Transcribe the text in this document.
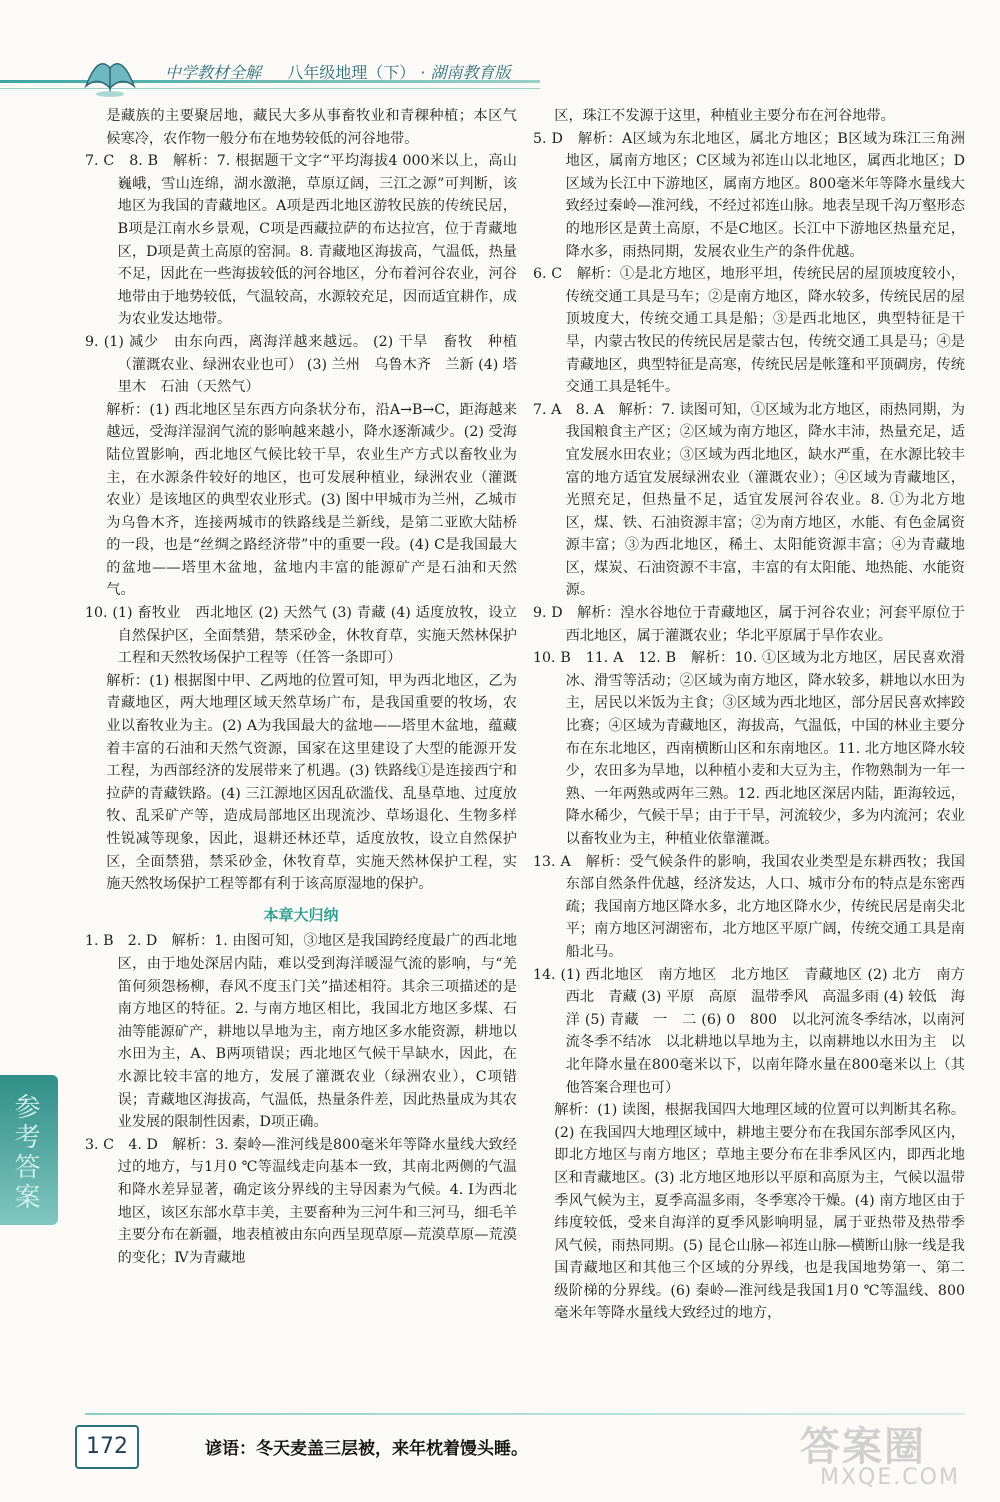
中学教材全解 　 八年级地理（下） · 湖南教育版

是藏族的主要聚居地，藏民大多从事畜牧业和青稞种植；本区气候寒冷，农作物一般分布在地势较低的河谷地带。

7. C　8. B　解析：7. 根据题干文字“平均海拔4 000米以上，高山巍峨，雪山连绵，湖水激滟，草原辽阔，三江之源”可判断，该地区为我国的青藏地区。A项是西北地区游牧民族的传统民居，B项是江南水乡景观，C项是西藏拉萨的布达拉宫，位于青藏地区，D项是黄土高原的窑洞。8. 青藏地区海拔高，气温低，热量不足，因此在一些海拔较低的河谷地区，分布着河谷农业，河谷地带由于地势较低，气温较高，水源较充足，因而适宜耕作，成为农业发达地带。

9. (1) 减少　由东向西，离海洋越来越远。 (2) 干旱　畜牧　种植（灌溉农业、绿洲农业也可） (3) 兰州　乌鲁木齐　兰新 (4) 塔里木　石油（天然气）

解析：(1) 西北地区呈东西方向条状分布，沿A→B→C，距海越来越远，受海洋湿润气流的影响越来越小，降水逐渐减少。(2) 受海陆位置影响，西北地区气候比较干旱，农业生产方式以畜牧业为主，在水源条件较好的地区，也可发展种植业，绿洲农业（灌溉农业）是该地区的典型农业形式。(3) 图中甲城市为兰州，乙城市为乌鲁木齐，连接两城市的铁路线是兰新线，是第二亚欧大陆桥的一段，也是“丝绸之路经济带”中的重要一段。(4) C是我国最大的盆地——塔里木盆地，盆地内丰富的能源矿产是石油和天然气。

10. (1) 畜牧业　西北地区 (2) 天然气 (3) 青藏 (4) 适度放牧，设立自然保护区，全面禁猎，禁采砂金，休牧育草，实施天然林保护工程和天然牧场保护工程等（任答一条即可）

解析：(1) 根据图中甲、乙两地的位置可知，甲为西北地区，乙为青藏地区，两大地理区域天然草场广布，是我国重要的牧场，农业以畜牧业为主。(2) A为我国最大的盆地——塔里木盆地，蕴藏着丰富的石油和天然气资源，国家在这里建设了大型的能源开发工程，为西部经济的发展带来了机遇。(3) 铁路线①是连接西宁和拉萨的青藏铁路。(4) 三江源地区因乱砍滥伐、乱垦草地、过度放牧、乱采矿产等，造成局部地区出现流沙、草场退化、生物多样性锐减等现象，因此，退耕还林还草，适度放牧，设立自然保护区，全面禁猎，禁采砂金，休牧育草，实施天然林保护工程，实施天然牧场保护工程等都有利于该高原湿地的保护。

本章大归纳

1. B　2. D　解析：1. 由图可知，③地区是我国跨经度最广的西北地区，由于地处深居内陆，难以受到海洋暖湿气流的影响，与“羌笛何须怨杨柳，春风不度玉门关”描述相符。其余三项描述的是南方地区的特征。2. 与南方地区相比，我国北方地区多煤、石油等能源矿产，耕地以旱地为主，南方地区多水能资源，耕地以水田为主，A、B两项错误；西北地区气候干旱缺水，因此，在水源比较丰富的地方，发展了灌溉农业（绿洲农业），C项错误；青藏地区海拔高，气温低，热量条件差，因此热量成为其农业发展的限制性因素，D项正确。

3. C　4. D　解析：3. 秦岭—淮河线是800毫米年等降水量线大致经过的地方，与1月0 ℃等温线走向基本一致，其南北两侧的气温和降水差异显著，确定该分界线的主导因素为气候。4. Ⅰ为西北地区，该区东部水草丰美，主要畜种为三河牛和三河马，细毛羊主要分布在新疆，地表植被由东向西呈现草原—荒漠草原—荒漠的变化；Ⅳ为青藏地

区，珠江不发源于这里，种植业主要分布在河谷地带。

5. D　解析：A区域为东北地区，属北方地区；B区域为珠江三角洲地区，属南方地区；C区域为祁连山以北地区，属西北地区；D区域为长江中下游地区，属南方地区。800毫米年等降水量线大致经过秦岭—淮河线，不经过祁连山脉。地表呈现千沟万壑形态的地形区是黄土高原，不是C地区。长江中下游地区热量充足，降水多，雨热同期，发展农业生产的条件优越。

6. C　解析：①是北方地区，地形平坦，传统民居的屋顶坡度较小，传统交通工具是马车；②是南方地区，降水较多，传统民居的屋顶坡度大，传统交通工具是船；③是西北地区，典型特征是干旱，内蒙古牧民的传统民居是蒙古包，传统交通工具是马；④是青藏地区，典型特征是高寒，传统民居是帐篷和平顶碉房，传统交通工具是牦牛。

7. A　8. A　解析：7. 读图可知，①区域为北方地区，雨热同期，为我国粮食主产区；②区域为南方地区，降水丰沛，热量充足，适宜发展水田农业；③区域为西北地区，缺水严重，在水源比较丰富的地方适宜发展绿洲农业（灌溉农业）；④区域为青藏地区，光照充足，但热量不足，适宜发展河谷农业。8. ①为北方地区，煤、铁、石油资源丰富；②为南方地区，水能、有色金属资源丰富；③为西北地区，稀土、太阳能资源丰富；④为青藏地区，煤炭、石油资源不丰富，丰富的有太阳能、地热能、水能资源。

9. D　解析：湟水谷地位于青藏地区，属于河谷农业；河套平原位于西北地区，属于灌溉农业；华北平原属于旱作农业。

10. B　11. A　12. B　解析：10. ①区域为北方地区，居民喜欢滑冰、滑雪等活动；②区域为南方地区，降水较多，耕地以水田为主，居民以米饭为主食；③区域为西北地区，部分居民喜欢摔跤比赛；④区域为青藏地区，海拔高，气温低，中国的林业主要分布在东北地区，西南横断山区和东南地区。11. 北方地区降水较少，农田多为旱地，以种植小麦和大豆为主，作物熟制为一年一熟、一年两熟或两年三熟。12. 西北地区深居内陆，距海较远，降水稀少，气候干旱；由于干旱，河流较少，多为内流河；农业以畜牧业为主，种植业依靠灌溉。

13. A　解析：受气候条件的影响，我国农业类型是东耕西牧；我国东部自然条件优越，经济发达，人口、城市分布的特点是东密西疏；我国南方地区降水多，北方地区降水少，传统民居是南尖北平；南方地区河湖密布，北方地区平原广阔，传统交通工具是南船北马。

14. (1) 西北地区　南方地区　北方地区　青藏地区 (2) 北方　南方　西北　青藏 (3) 平原　高原　温带季风　高温多雨 (4) 较低　海洋 (5) 青藏　一　二 (6) 0　800　以北河流冬季结冰，以南河流冬季不结冰　以北耕地以旱地为主，以南耕地以水田为主　以北年降水量在800毫米以下，以南年降水量在800毫米以上（其他答案合理也可）

解析：(1) 读图，根据我国四大地理区域的位置可以判断其名称。(2) 在我国四大地理区域中，耕地主要分布在我国东部季风区内，即北方地区与南方地区；草地主要分布在非季风区内，即西北地区和青藏地区。(3) 北方地区地形以平原和高原为主，气候以温带季风气候为主，夏季高温多雨，冬季寒冷干燥。(4) 南方地区由于纬度较低，受来自海洋的夏季风影响明显，属于亚热带及热带季风气候，雨热同期。(5) 昆仑山脉—祁连山脉—横断山脉一线是我国青藏地区和其他三个区域的分界线，也是我国地势第一、第二级阶梯的分界线。(6) 秦岭—淮河线是我国1月0 ℃等温线、800毫米年等降水量线大致经过的地方，

参考答案
172	谚语：冬天麦盖三层被，来年枕着馒头睡。	答案圈
MXQE.COM
